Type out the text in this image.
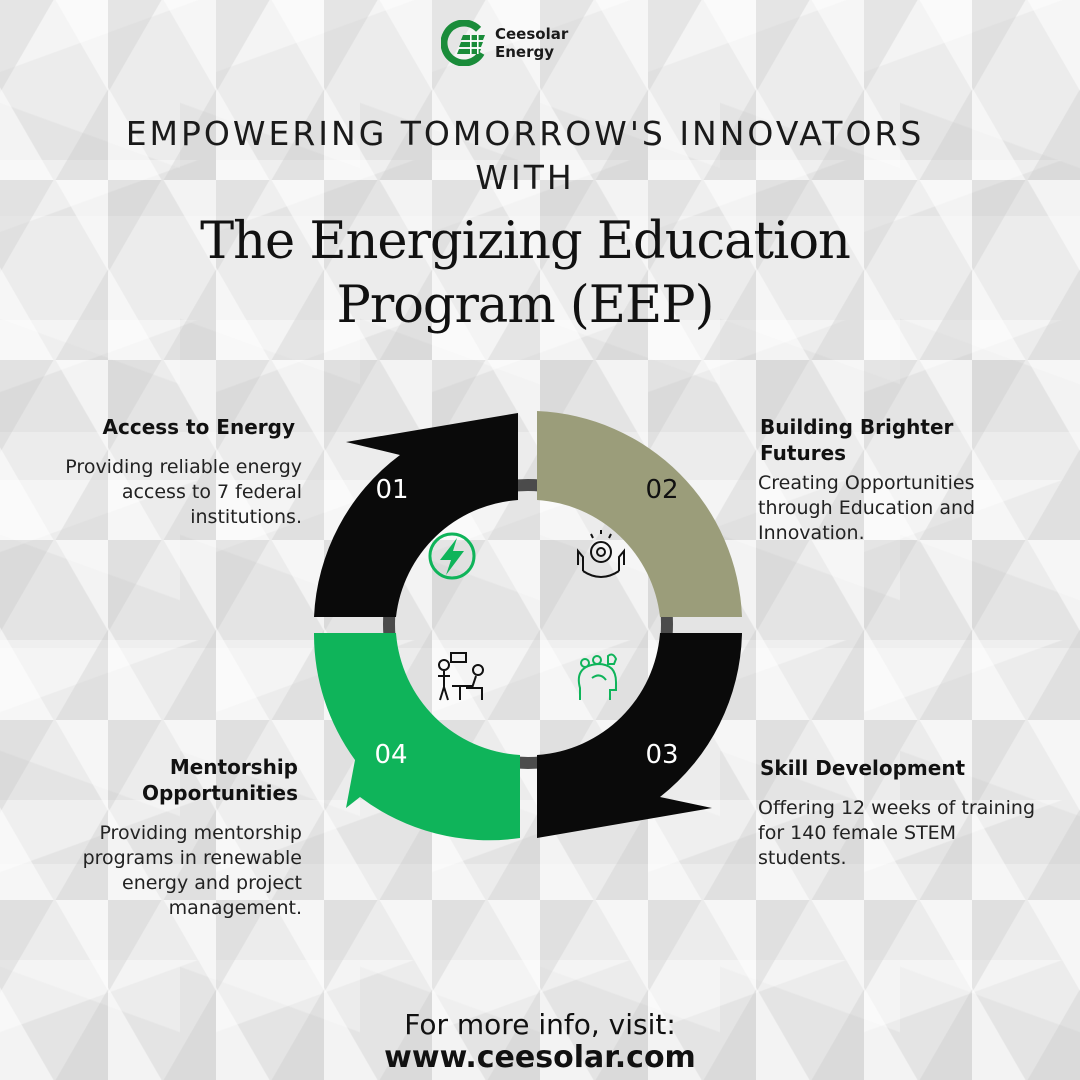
Ceesolar
Energy
EMPOWERING TOMORROW'S INNOVATORS
WITH
The Energizing Education
Program (EEP)
Access to Energy
Providing reliable energy access to 7 federal institutions.
Building Brighter Futures
Creating Opportunities through Education and Innovation.
Skill Development
Offering 12 weeks of training for 140 female STEM students.
Mentorship Opportunities
Providing mentorship programs in renewable energy and project management.
01	02
03
04
For more info, visit:
www.ceesolar.com
